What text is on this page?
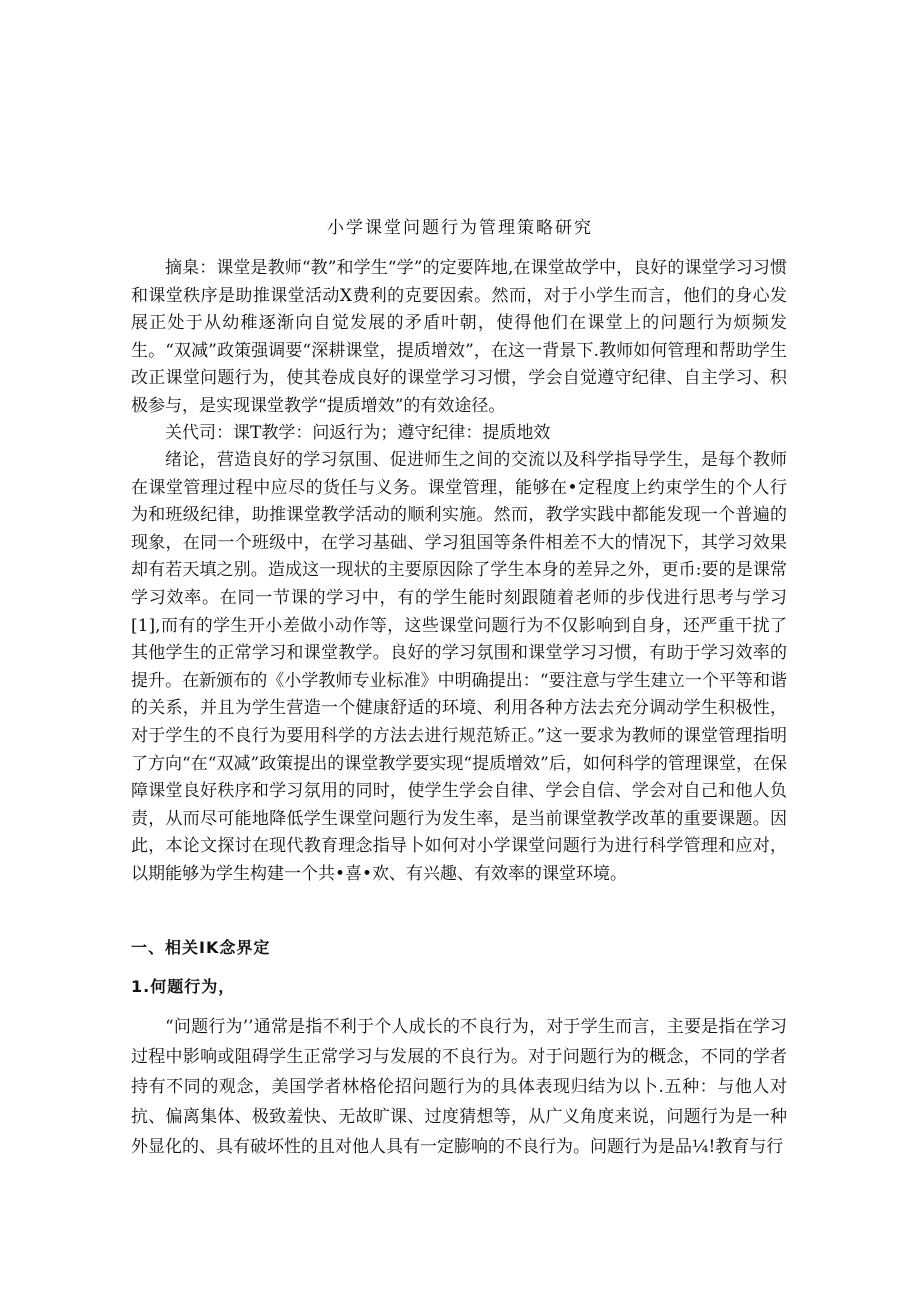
小学课堂问题行为管理策略研究

摘臬：课堂是教师“教”和学生“学”的定要阵地,在课堂故学中，良好的课堂学习习惯和课堂秩序是助推课堂活动X费利的克要因索。然而，对于小学生而言，他们的身心发展正处于从幼稚逐渐向自觉发展的矛盾叶朝，使得他们在课堂上的问题行为烦频发生。“双减”政策强调要“深耕课堂，提质增效”，在这一背景下.教师如何管理和帮助学生改正课堂问题行为，使其卷成良好的课堂学习习惯，学会自觉遵守纪律、自主学习、积极参与，是实现课堂教学“提质增效”的有效途径。

关代司：课T教学：问返行为；遵守纪律：提质地效

绪论，营造良好的学习氛围、促进师生之间的交流以及科学指导学生，是每个教师在课堂管理过程中应尽的货任与义务。课堂管理，能够在•定程度上约束学生的个人行为和班级纪律，助推课堂教学活动的顺利实施。然而，教学实践中都能发现一个普遍的现象，在同一个班级中，在学习基础、学习狙国等条件相差不大的情况下，其学习效果却有若天填之别。造成这一现状的主要原因除了学生本身的差异之外，更币:要的是课常学习效率。在同一节课的学习中，有的学生能时刻跟随着老师的步伐进行思考与学习[1],而有的学生开小差做小动作等，这些课堂问题行为不仅影响到自身，还严重干扰了其他学生的正常学习和课堂教学。良好的学习氛围和课堂学习习惯，有助于学习效率的提升。在新颁布的《小学教师专业标准》中明确提出：“要注意与学生建立一个平等和谐的关系，并且为学生营造一个健康舒适的环境、利用各种方法去充分调动学生积极性，对于学生的不良行为要用科学的方法去进行规范矫正。”这一要求为教师的课堂管理指明了方向“在“双减”政策提出的课堂教学要实现“提质增效”后，如何科学的管理课堂，在保障课堂良好秩序和学习氛用的同时，使学生学会自律、学会自信、学会对自己和他人负责，从而尽可能地降低学生课堂问题行为发生率，是当前课堂教学改革的重要课题。因此，本论文探讨在现代教育理念指导卜如何对小学课堂问题行为进行科学管理和应对，以期能够为学生构建一个共•喜•欢、有兴趣、有效率的课堂环境。

一、相关IK念界定
1.何题行为，

“问题行为’’通常是指不利于个人成长的不良行为，对于学生而言，主要是指在学习过程中影响或阻碍学生正常学习与发展的不良行为。对于问题行为的概念，不同的学者持有不同的观念，美国学者林格伦招问题行为的具体表现归结为以卜.五种：与他人对抗、偏离集体、极致羞快、无故旷课、过度猜想等，从广义角度来说，问题行为是一种外显化的、具有破坏性的且对他人具有一定膨响的不良行为。问题行为是品¼!教育与行
